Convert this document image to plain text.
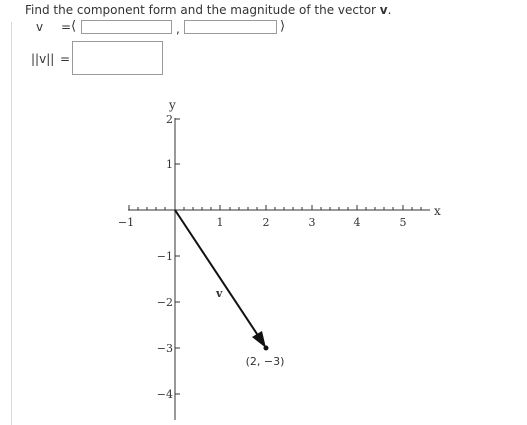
Find the component form and the magnitude of the vector v.
v = ⟨	,	⟩
||v|| =
x
y
−1	1	2	3	4	5
2
1
−1
−2
−3
−4
v
(2, −3)
